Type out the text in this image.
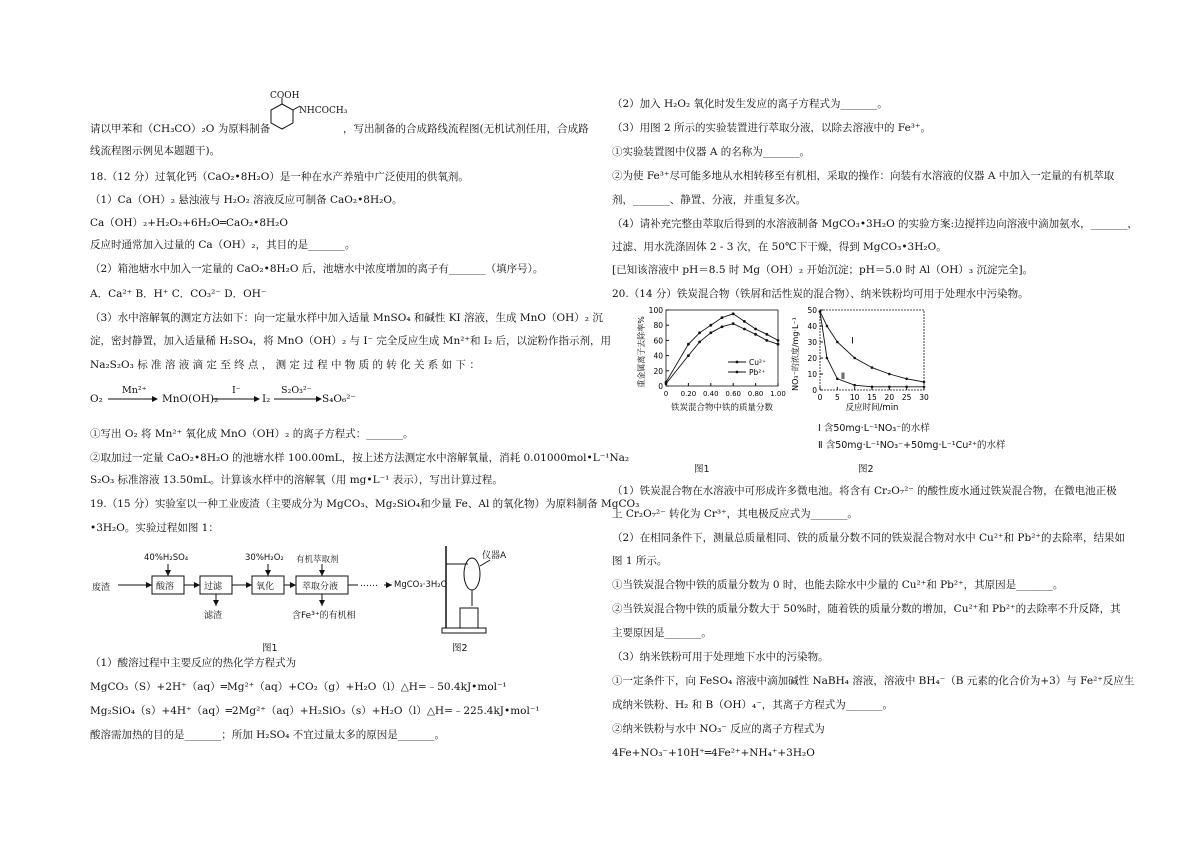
COOH
NHCOCH₃
请以甲苯和（CH₃CO）₂O 为原料制备	，写出制备的合成路线流程图(无机试剂任用，合成路
线流程图示例见本题题干)。
18.（12 分）过氧化钙（CaO₂•8H₂O）是一种在水产养殖中广泛使用的供氧剂。
（1）Ca（OH）₂ 悬浊液与 H₂O₂ 溶液反应可制备 CaO₂•8H₂O。
Ca（OH）₂+H₂O₂+6H₂O═CaO₂•8H₂O
反应时通常加入过量的 Ca（OH）₂，其目的是_______。
（2）箱池塘水中加入一定量的 CaO₂•8H₂O 后，池塘水中浓度增加的离子有_______（填序号）。
A．Ca²⁺ B．H⁺ C．CO₃²⁻ D．OH⁻
（3）水中溶解氧的测定方法如下：向一定量水样中加入适量 MnSO₄ 和碱性 KI 溶液，生成 MnO（OH）₂ 沉
淀，密封静置，加入适量稀 H₂SO₄，将 MnO（OH）₂ 与 I⁻ 完全反应生成 Mn²⁺和 I₂ 后，以淀粉作指示剂，用
Na₂S₂O₃ 标 准 溶 液 滴 定 至 终 点 ， 测 定 过 程 中 物 质 的 转 化 关 系 如 下 ：
O₂
Mn²⁺
MnO(OH)₂
I⁻
I₂
S₂O₃²⁻
S₄O₆²⁻
①写出 O₂ 将 Mn²⁺ 氧化成 MnO（OH）₂ 的离子方程式：_______。
②取加过一定量 CaO₂•8H₂O 的池塘水样 100.00mL，按上述方法测定水中溶解氧量，消耗 0.01000mol•L⁻¹Na₂
S₂O₃ 标准溶液 13.50mL。计算该水样中的溶解氧（用 mg•L⁻¹ 表示），写出计算过程。
19.（15 分）实验室以一种工业废渣（主要成分为 MgCO₃、Mg₂SiO₄和少量 Fe、Al 的氧化物）为原料制备 MgCO₃
•3H₂O。实验过程如图 1：
40%H₂SO₄	30%H₂O₂ 有机萃取剂
废渣	酸溶	过滤	氧化	萃取分液 …… MgCO₃·3H₂O
滤渣	含Fe³⁺的有机相
仪器A
图1	图2
（1）酸溶过程中主要反应的热化学方程式为
MgCO₃（S）+2H⁺（aq）═Mg²⁺（aq）+CO₂（g）+H₂O（l）△H=﹣50.4kJ•mol⁻¹
Mg₂SiO₄（s）+4H⁺（aq）═2Mg²⁺（aq）+H₂SiO₃（s）+H₂O（l）△H=﹣225.4kJ•mol⁻¹
酸溶需加热的目的是_______；所加 H₂SO₄ 不宜过量太多的原因是_______。
（2）加入 H₂O₂ 氧化时发生发应的离子方程式为_______。
（3）用图 2 所示的实验装置进行萃取分液，以除去溶液中的 Fe³⁺。
①实验装置图中仪器 A 的名称为_______。
②为使 Fe³⁺尽可能多地从水相转移至有机相，采取的操作：向装有水溶液的仪器 A 中加入一定量的有机萃取
剂，_______、静置、分液，并重复多次。
（4）请补充完整由萃取后得到的水溶液制备 MgCO₃•3H₂O 的实验方案:边搅拌边向溶液中滴加氨水，_______，
过滤、用水洗涤固体 2 - 3 次，在 50℃下干燥，得到 MgCO₃•3H₂O。
[已知该溶液中 pH＝8.5 时 Mg（OH）₂ 开始沉淀；pH＝5.0 时 Al（OH）₃ 沉淀完全]。
20.（14 分）铁炭混合物（铁屑和活性炭的混合物）、纳米铁粉均可用于处理水中污染物。
0
20
40
60
80
100
0 0.20 0.40 0.60 0.80 1.00
Cu²⁺
Pb²⁺
铁炭混合物中铁的质量分数
重金属离子去除率%
0
10
20
30
40
50
0 5 10 15 20 25 30
Ⅰ
Ⅱ
反应时间/min
NO₃⁻的浓度/mg·L⁻¹
Ⅰ 含50mg·L⁻¹NO₃⁻的水样
Ⅱ 含50mg·L⁻¹NO₃⁻+50mg·L⁻¹Cu²⁺的水样
图1	图2
（1）铁炭混合物在水溶液中可形成许多微电池。将含有 Cr₂O₇²⁻ 的酸性废水通过铁炭混合物，在微电池正极
上 Cr₂O₇²⁻ 转化为 Cr³⁺，其电极反应式为_______。
（2）在相同条件下，测量总质量相同、铁的质量分数不同的铁炭混合物对水中 Cu²⁺和 Pb²⁺的去除率，结果如
图 1 所示。
①当铁炭混合物中铁的质量分数为 0 时，也能去除水中少量的 Cu²⁺和 Pb²⁺，其原因是_______。
②当铁炭混合物中铁的质量分数大于 50%时，随着铁的质量分数的增加，Cu²⁺和 Pb²⁺的去除率不升反降，其
主要原因是_______。
（3）纳米铁粉可用于处理地下水中的污染物。
①一定条件下，向 FeSO₄ 溶液中滴加碱性 NaBH₄ 溶液，溶液中 BH₄⁻（B 元素的化合价为+3）与 Fe²⁺反应生
成纳米铁粉、H₂ 和 B（OH）₄⁻，其离子方程式为_______。
②纳米铁粉与水中 NO₃⁻ 反应的离子方程式为
4Fe+NO₃⁻+10H⁺═4Fe²⁺+NH₄⁺+3H₂O
